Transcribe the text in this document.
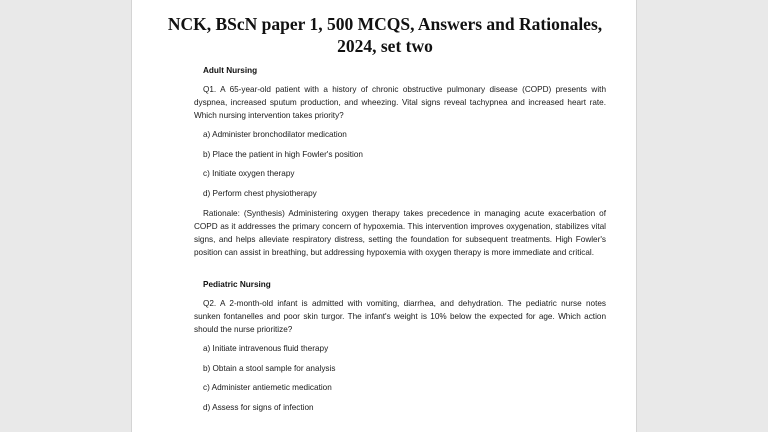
NCK, BScN paper 1, 500 MCQS, Answers and Rationales, 2024, set two

Adult Nursing

Q1. A 65-year-old patient with a history of chronic obstructive pulmonary disease (COPD) presents with dyspnea, increased sputum production, and wheezing. Vital signs reveal tachypnea and increased heart rate. Which nursing intervention takes priority?

a) Administer bronchodilator medication

b) Place the patient in high Fowler's position

c) Initiate oxygen therapy

d) Perform chest physiotherapy

Rationale: (Synthesis) Administering oxygen therapy takes precedence in managing acute exacerbation of COPD as it addresses the primary concern of hypoxemia. This intervention improves oxygenation, stabilizes vital signs, and helps alleviate respiratory distress, setting the foundation for subsequent treatments. High Fowler's position can assist in breathing, but addressing hypoxemia with oxygen therapy is more immediate and critical.

Pediatric Nursing

Q2. A 2-month-old infant is admitted with vomiting, diarrhea, and dehydration. The pediatric nurse notes sunken fontanelles and poor skin turgor. The infant's weight is 10% below the expected for age. Which action should the nurse prioritize?

a) Initiate intravenous fluid therapy

b) Obtain a stool sample for analysis

c) Administer antiemetic medication

d) Assess for signs of infection
